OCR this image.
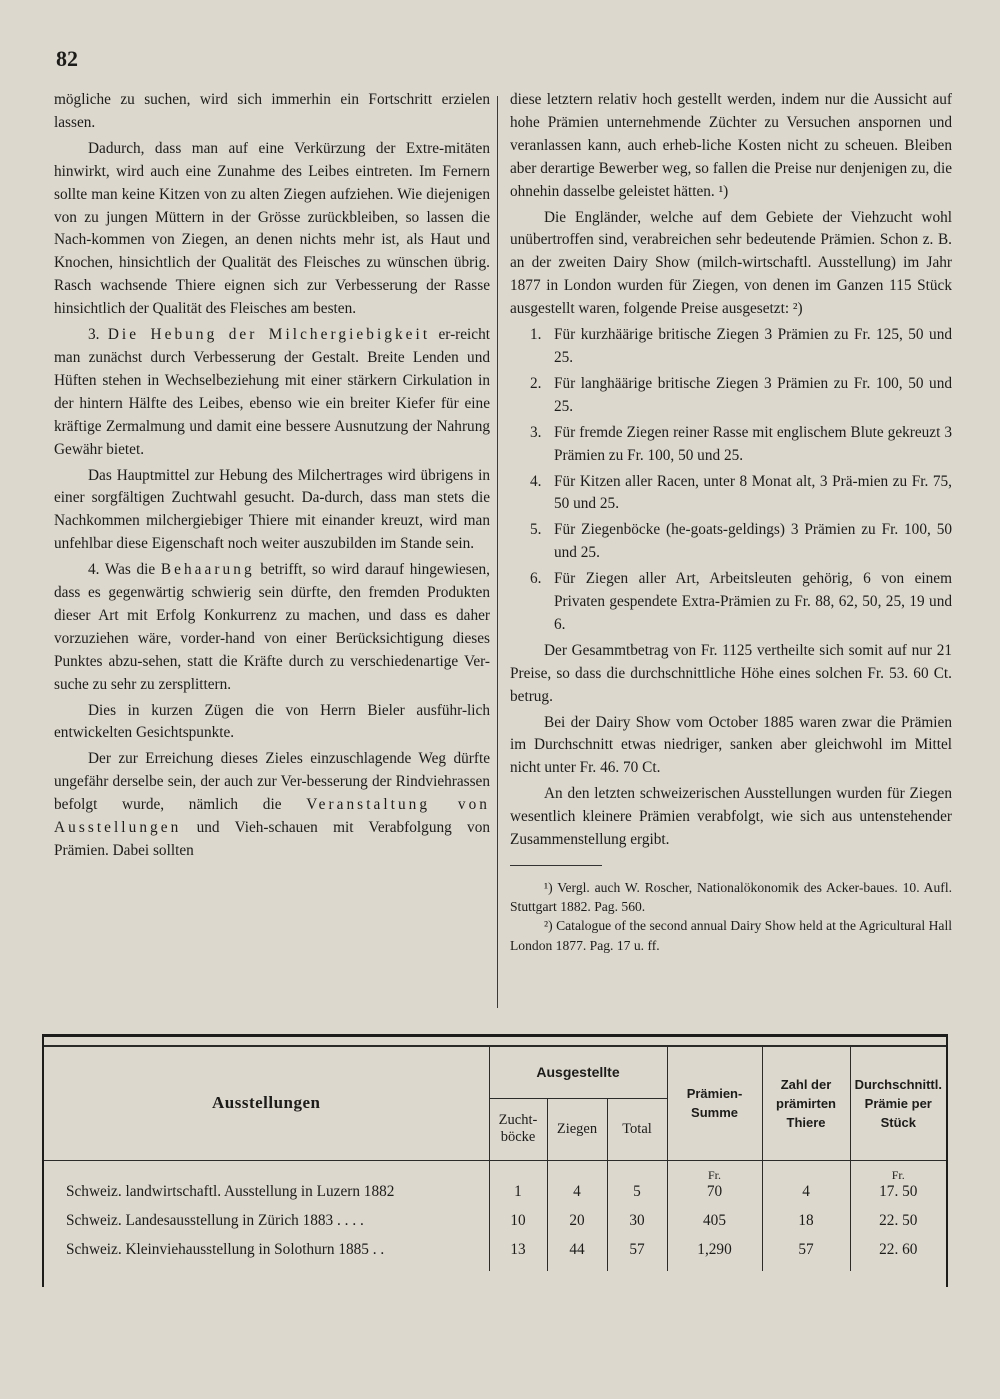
82

mögliche zu suchen, wird sich immerhin ein Fortschritt erzielen lassen.

Dadurch, dass man auf eine Verkürzung der Extre-mitäten hinwirkt, wird auch eine Zunahme des Leibes eintreten. Im Fernern sollte man keine Kitzen von zu alten Ziegen aufziehen. Wie diejenigen von zu jungen Müttern in der Grösse zurückbleiben, so lassen die Nach-kommen von Ziegen, an denen nichts mehr ist, als Haut und Knochen, hinsichtlich der Qualität des Fleisches zu wünschen übrig. Rasch wachsende Thiere eignen sich zur Verbesserung der Rasse hinsichtlich der Qualität des Fleisches am besten.

3. Die Hebung der Milchergiebigkeit er-reicht man zunächst durch Verbesserung der Gestalt. Breite Lenden und Hüften stehen in Wechselbeziehung mit einer stärkern Cirkulation in der hintern Hälfte des Leibes, ebenso wie ein breiter Kiefer für eine kräftige Zermalmung und damit eine bessere Ausnutzung der Nahrung Gewähr bietet.

Das Hauptmittel zur Hebung des Milchertrages wird übrigens in einer sorgfältigen Zuchtwahl gesucht. Da-durch, dass man stets die Nachkommen milchergiebiger Thiere mit einander kreuzt, wird man unfehlbar diese Eigenschaft noch weiter auszubilden im Stande sein.

4. Was die Behaarung betrifft, so wird darauf hingewiesen, dass es gegenwärtig schwierig sein dürfte, den fremden Produkten dieser Art mit Erfolg Konkurrenz zu machen, und dass es daher vorzuziehen wäre, vorder-hand von einer Berücksichtigung dieses Punktes abzu-sehen, statt die Kräfte durch zu verschiedenartige Ver-suche zu sehr zu zersplittern.

Dies in kurzen Zügen die von Herrn Bieler ausführ-lich entwickelten Gesichtspunkte.

Der zur Erreichung dieses Zieles einzuschlagende Weg dürfte ungefähr derselbe sein, der auch zur Ver-besserung der Rindviehrassen befolgt wurde, nämlich die Veranstaltung von Ausstellungen und Vieh-schauen mit Verabfolgung von Prämien. Dabei sollten

diese letztern relativ hoch gestellt werden, indem nur die Aussicht auf hohe Prämien unternehmende Züchter zu Versuchen anspornen und veranlassen kann, auch erheb-liche Kosten nicht zu scheuen. Bleiben aber derartige Bewerber weg, so fallen die Preise nur denjenigen zu, die ohnehin dasselbe geleistet hätten. ¹)

Die Engländer, welche auf dem Gebiete der Viehzucht wohl unübertroffen sind, verabreichen sehr bedeutende Prämien. Schon z. B. an der zweiten Dairy Show (milch-wirtschaftl. Ausstellung) im Jahr 1877 in London wurden für Ziegen, von denen im Ganzen 115 Stück ausgestellt waren, folgende Preise ausgesetzt: ²)

1. Für kurzhäärige britische Ziegen 3 Prämien zu Fr. 125, 50 und 25.

2. Für langhäärige britische Ziegen 3 Prämien zu Fr. 100, 50 und 25.

3. Für fremde Ziegen reiner Rasse mit englischem Blute gekreuzt 3 Prämien zu Fr. 100, 50 und 25.

4. Für Kitzen aller Racen, unter 8 Monat alt, 3 Prä-mien zu Fr. 75, 50 und 25.

5. Für Ziegenböcke (he-goats-geldings) 3 Prämien zu Fr. 100, 50 und 25.

6. Für Ziegen aller Art, Arbeitsleuten gehörig, 6 von einem Privaten gespendete Extra-Prämien zu Fr. 88, 62, 50, 25, 19 und 6.

Der Gesammtbetrag von Fr. 1125 vertheilte sich somit auf nur 21 Preise, so dass die durchschnittliche Höhe eines solchen Fr. 53. 60 Ct. betrug.

Bei der Dairy Show vom October 1885 waren zwar die Prämien im Durchschnitt etwas niedriger, sanken aber gleichwohl im Mittel nicht unter Fr. 46. 70 Ct.

An den letzten schweizerischen Ausstellungen wurden für Ziegen wesentlich kleinere Prämien verabfolgt, wie sich aus untenstehender Zusammenstellung ergibt.

¹) Vergl. auch W. Roscher, Nationalökonomik des Acker-baues. 10. Aufl. Stuttgart 1882. Pag. 560.

²) Catalogue of the second annual Dairy Show held at the Agricultural Hall London 1877. Pag. 17 u. ff.

Ausstellungen	Ausgestellte			Prämien-Summe	Zahl der prämirten Thiere	Durchschnittl. Prämie per Stück
	Zucht-böcke	Ziegen	Total			
				Fr.		Fr.
Schweiz. landwirtschaftl. Ausstellung in Luzern 1882	1	4	5	70	4	17. 50
Schweiz. Landesausstellung in Zürich 1883 . . . .	10	20	30	405	18	22. 50
Schweiz. Kleinviehausstellung in Solothurn 1885 . .	13	44	57	1,290	57	22. 60
